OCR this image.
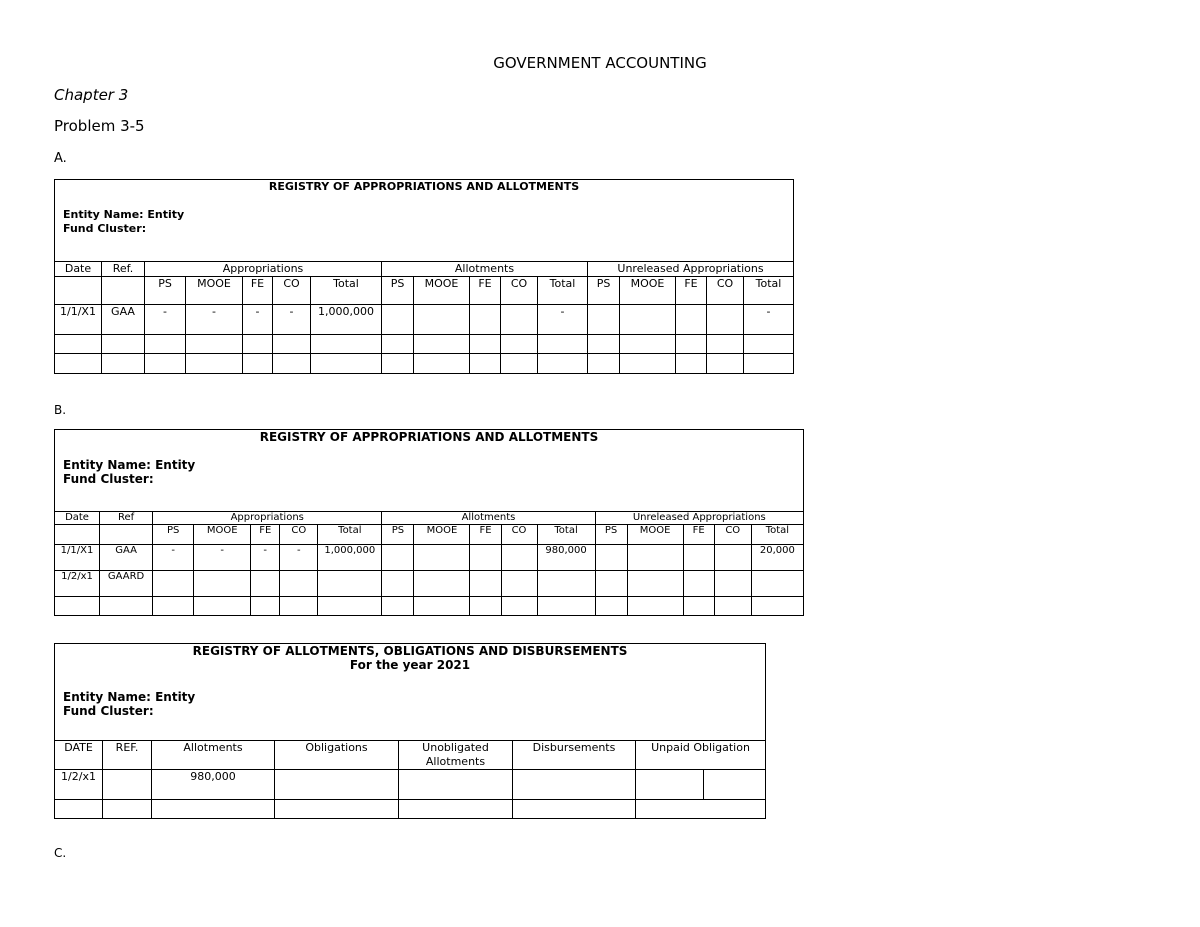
GOVERNMENT ACCOUNTING
Chapter 3
Problem 3-5
A.
REGISTRY OF APPROPRIATIONS AND ALLOTMENTS
Entity Name: Entity
Fund Cluster:																

Date	Ref.	Appropriations					Allotments					Unreleased Appropriations				
		PS	MOOE	FE	CO	Total	PS	MOOE	FE	CO	Total	PS	MOOE	FE	CO	Total
1/1/X1	GAA	-	-	-	-	1,000,000					-					-

B.
REGISTRY OF APPROPRIATIONS AND ALLOTMENTS
Entity Name: Entity
Fund Cluster:																

Date	Ref	Appropriations					Allotments					Unreleased Appropriations				
		PS	MOOE	FE	CO	Total	PS	MOOE	FE	CO	Total	PS	MOOE	FE	CO	Total
1/1/X1	GAA	-	-	-	-	1,000,000					980,000					20,000
1/2/x1	GAARD															

REGISTRY OF ALLOTMENTS, OBLIGATIONS AND DISBURSEMENTS
For the year 2021
Entity Name: Entity
Fund Cluster:							

DATE	REF.	Allotments	Obligations	Unobligated Allotments	Disbursements	Unpaid Obligation	
1/2/x1		980,000					

C.
